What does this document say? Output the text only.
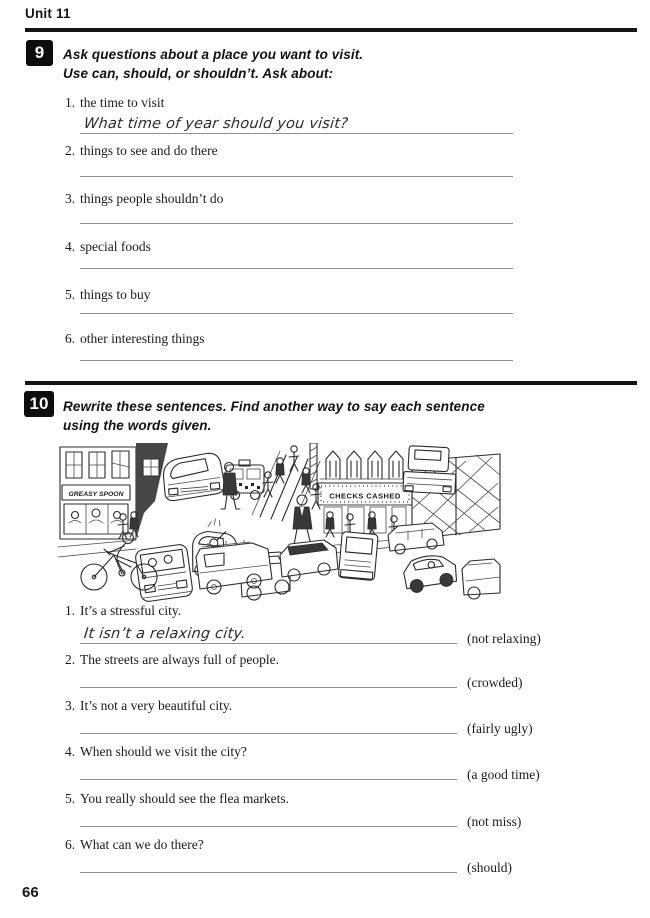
Unit 11
9	Ask questions about a place you want to visit.
Use can, should, or shouldn’t. Ask about:
1. the time to visit
What time of year should you visit?
2. things to see and do there
3. things people shouldn’t do
4. special foods
5. things to buy
6. other interesting things
10	Rewrite these sentences. Find another way to say each sentence
using the words given.
GREASY SPOON	CHECKS CASHED
1. It’s a stressful city.
It isn’t a relaxing city.	(not relaxing)
2. The streets are always full of people.
(crowded)
3. It’s not a very beautiful city.
(fairly ugly)
4. When should we visit the city?
(a good time)
5. You really should see the flea markets.
(not miss)
6. What can we do there?
(should)
66
